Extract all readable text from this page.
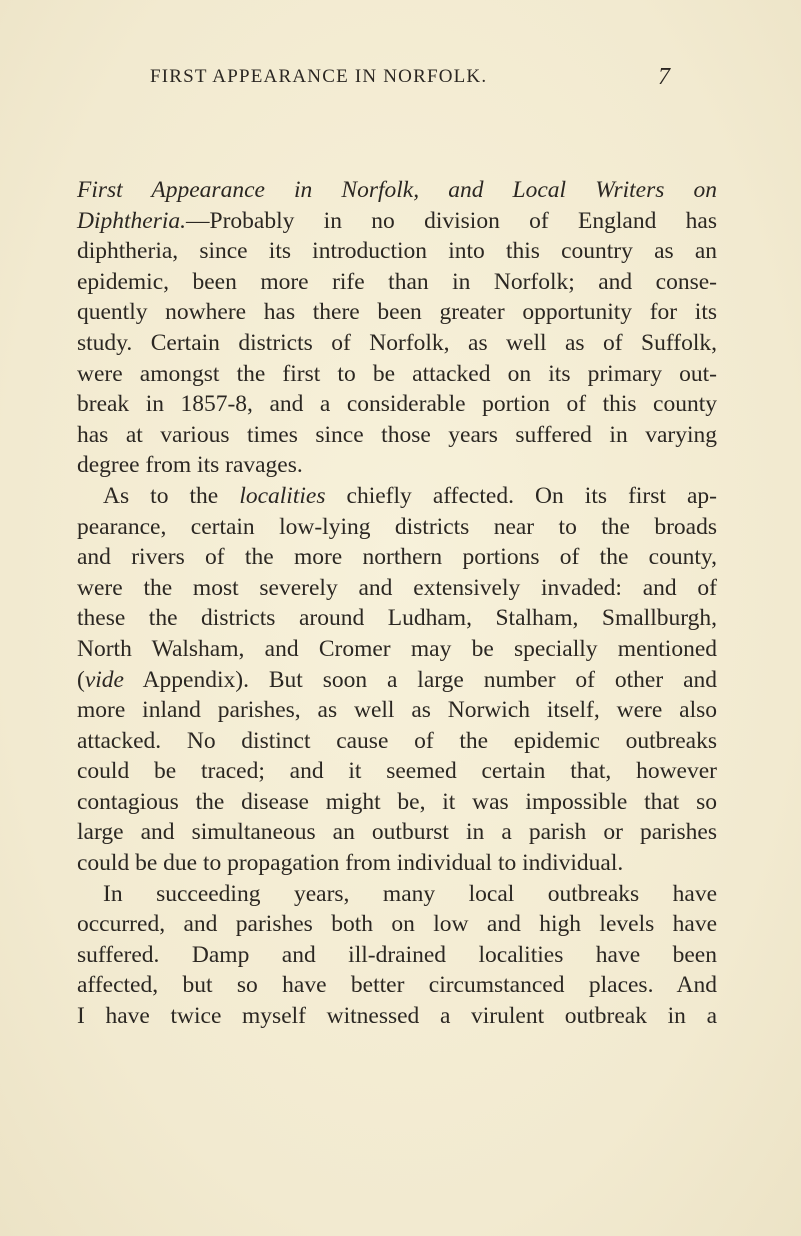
FIRST APPEARANCE IN NORFOLK.	7
First Appearance in Norfolk, and Local Writers on
Diphtheria.—Probably in no division of England has
diphtheria, since its introduction into this country as an
epidemic, been more rife than in Norfolk; and conse-
quently nowhere has there been greater opportunity for its
study. Certain districts of Norfolk, as well as of Suffolk,
were amongst the first to be attacked on its primary out-
break in 1857-8, and a considerable portion of this county
has at various times since those years suffered in varying
degree from its ravages.
As to the localities chiefly affected. On its first ap-
pearance, certain low-lying districts near to the broads
and rivers of the more northern portions of the county,
were the most severely and extensively invaded: and of
these the districts around Ludham, Stalham, Smallburgh,
North Walsham, and Cromer may be specially mentioned
(vide Appendix). But soon a large number of other and
more inland parishes, as well as Norwich itself, were also
attacked. No distinct cause of the epidemic outbreaks
could be traced; and it seemed certain that, however
contagious the disease might be, it was impossible that so
large and simultaneous an outburst in a parish or parishes
could be due to propagation from individual to individual.
In succeeding years, many local outbreaks have
occurred, and parishes both on low and high levels have
suffered. Damp and ill-drained localities have been
affected, but so have better circumstanced places. And
I have twice myself witnessed a virulent outbreak in a
